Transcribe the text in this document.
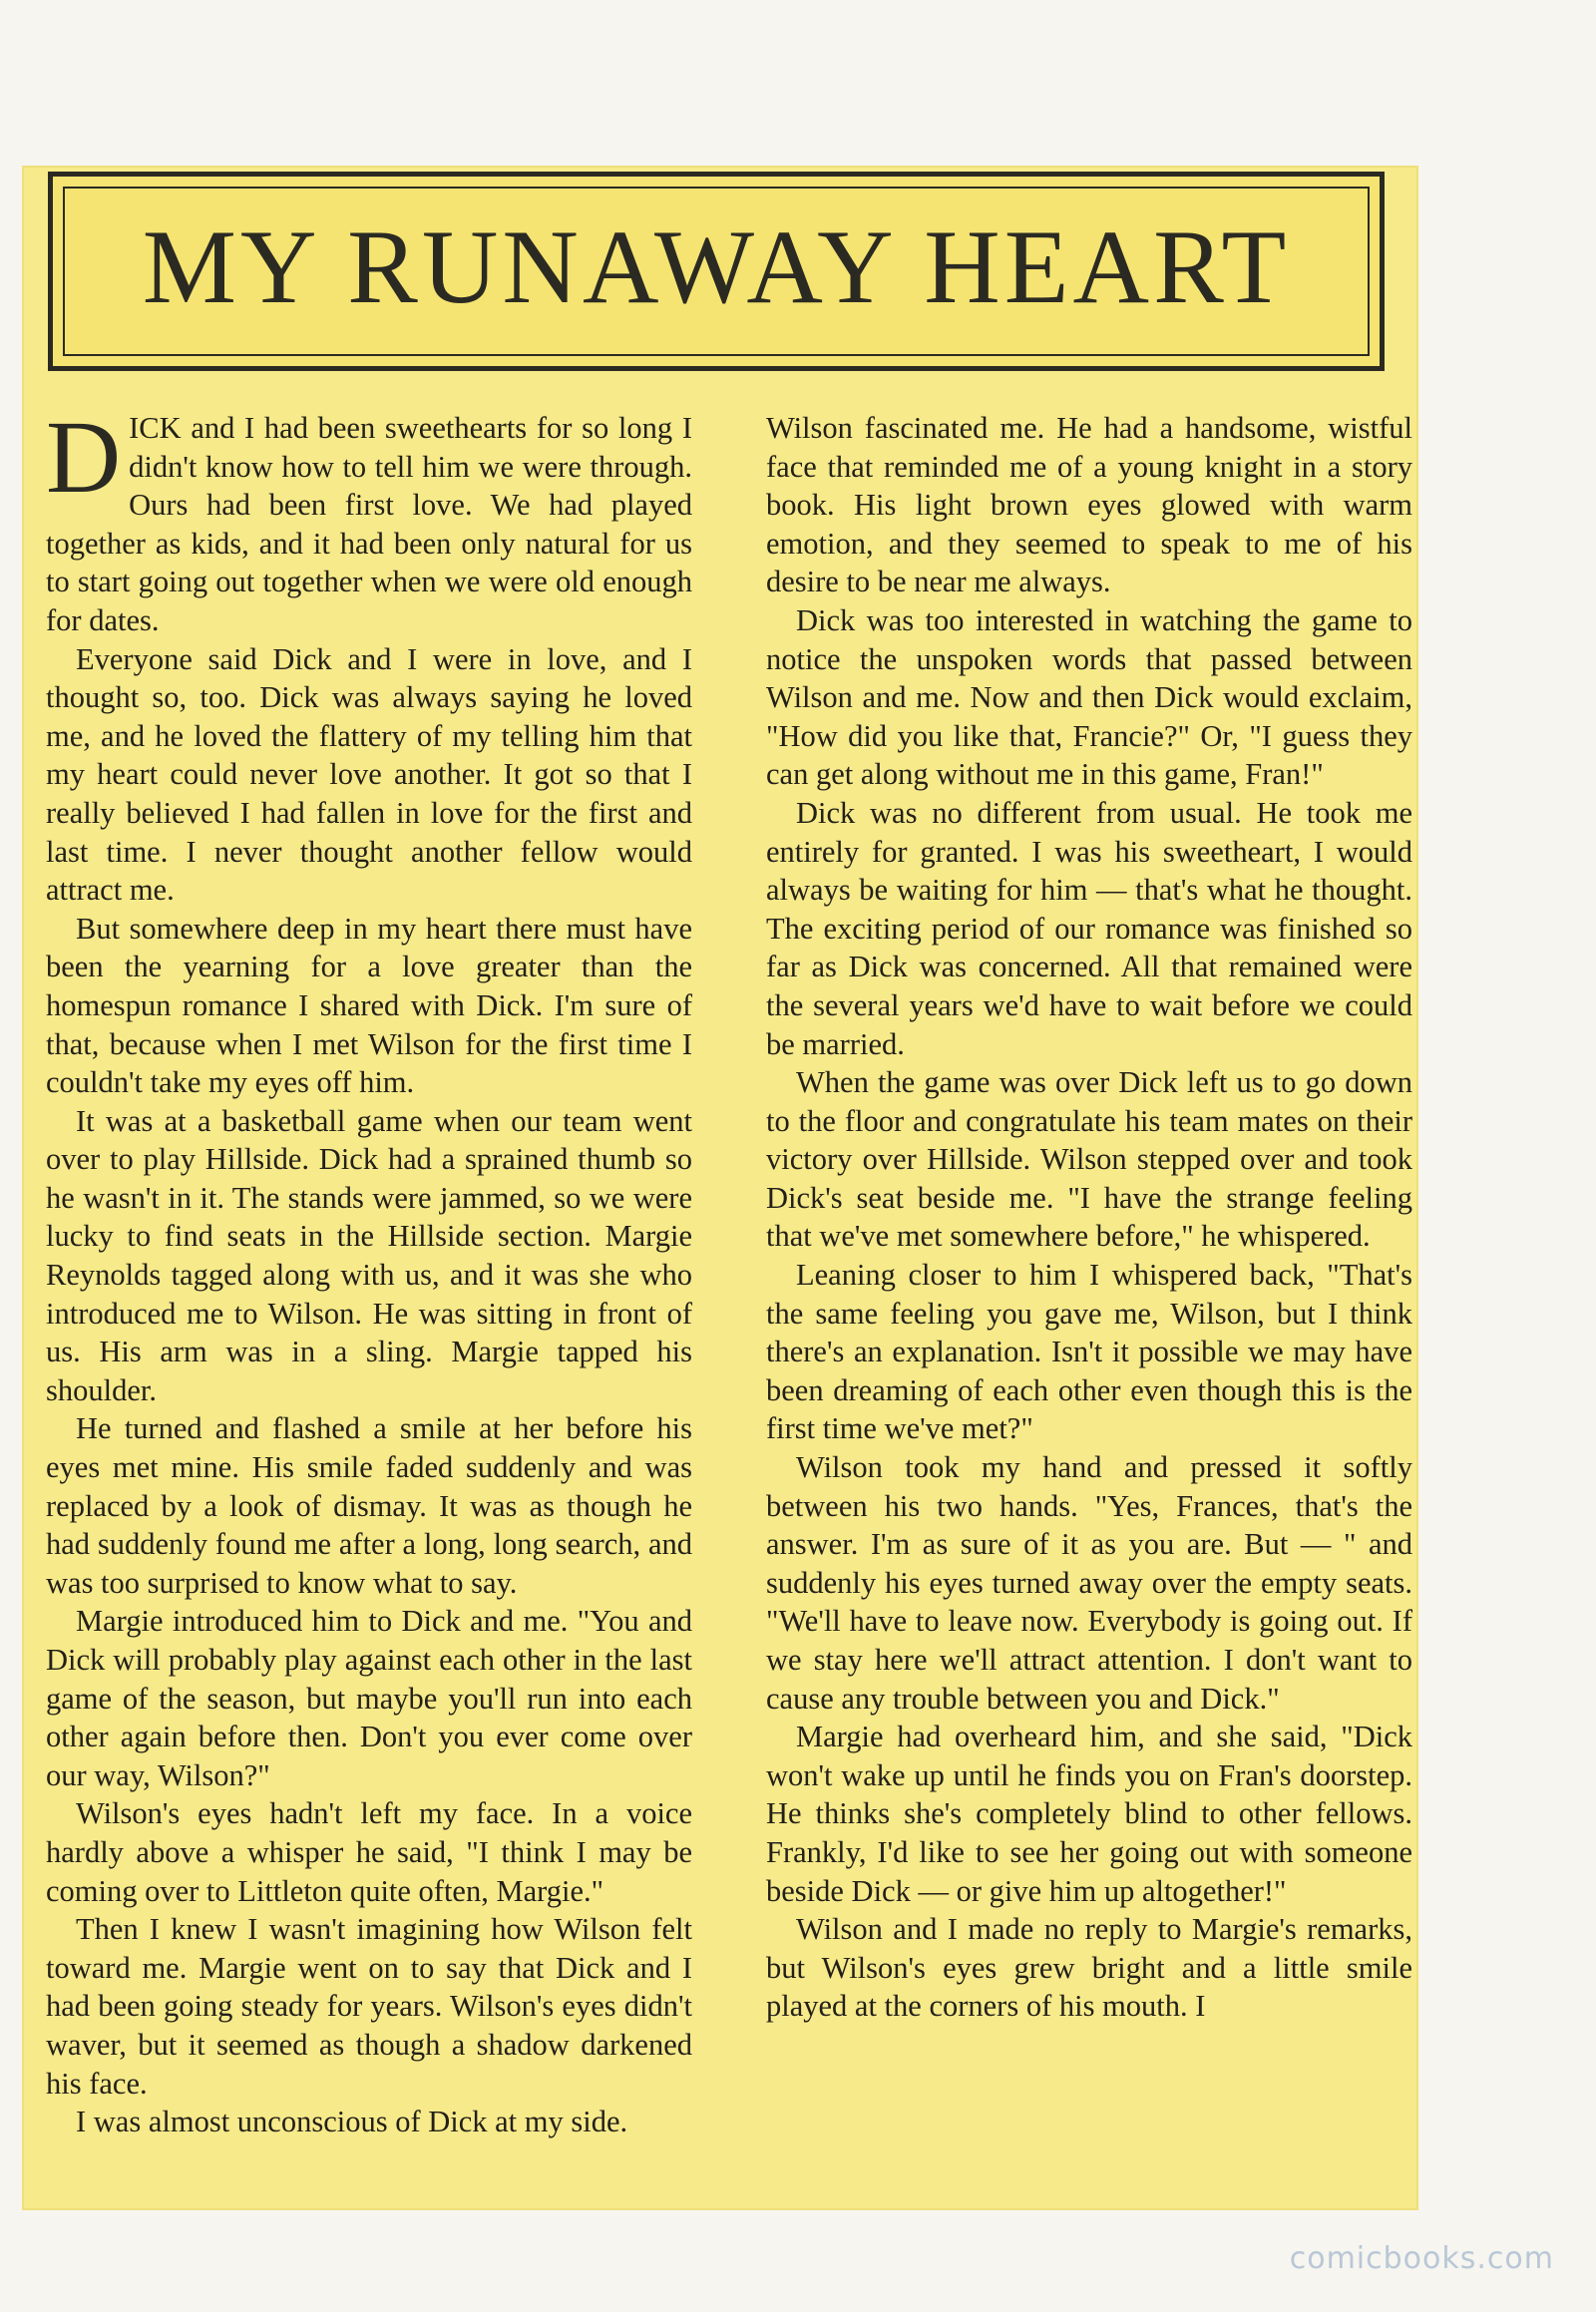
MY RUNAWAY HEART

DICK and I had been sweethearts for so long I didn't know how to tell him we were through. Ours had been first love. We had played together as kids, and it had been only natural for us to start going out together when we were old enough for dates.

Everyone said Dick and I were in love, and I thought so, too. Dick was always saying he loved me, and he loved the flattery of my telling him that my heart could never love another. It got so that I really believed I had fallen in love for the first and last time. I never thought another fellow would attract me.

But somewhere deep in my heart there must have been the yearning for a love greater than the homespun romance I shared with Dick. I'm sure of that, because when I met Wilson for the first time I couldn't take my eyes off him.

It was at a basketball game when our team went over to play Hillside. Dick had a sprained thumb so he wasn't in it. The stands were jammed, so we were lucky to find seats in the Hillside section. Margie Reynolds tagged along with us, and it was she who introduced me to Wilson. He was sitting in front of us. His arm was in a sling. Margie tapped his shoulder.

He turned and flashed a smile at her before his eyes met mine. His smile faded suddenly and was replaced by a look of dismay. It was as though he had suddenly found me after a long, long search, and was too surprised to know what to say.

Margie introduced him to Dick and me. "You and Dick will probably play against each other in the last game of the season, but maybe you'll run into each other again before then. Don't you ever come over our way, Wilson?"

Wilson's eyes hadn't left my face. In a voice hardly above a whisper he said, "I think I may be coming over to Littleton quite often, Margie."

Then I knew I wasn't imagining how Wilson felt toward me. Margie went on to say that Dick and I had been going steady for years. Wilson's eyes didn't waver, but it seemed as though a shadow darkened his face.

I was almost unconscious of Dick at my side.

Wilson fascinated me. He had a handsome, wistful face that reminded me of a young knight in a story book. His light brown eyes glowed with warm emotion, and they seemed to speak to me of his desire to be near me always.

Dick was too interested in watching the game to notice the unspoken words that passed between Wilson and me. Now and then Dick would exclaim, "How did you like that, Francie?" Or, "I guess they can get along without me in this game, Fran!"

Dick was no different from usual. He took me entirely for granted. I was his sweetheart, I would always be waiting for him — that's what he thought. The exciting period of our romance was finished so far as Dick was concerned. All that remained were the several years we'd have to wait before we could be married.

When the game was over Dick left us to go down to the floor and congratulate his team mates on their victory over Hillside. Wilson stepped over and took Dick's seat beside me. "I have the strange feeling that we've met somewhere before," he whispered.

Leaning closer to him I whispered back, "That's the same feeling you gave me, Wilson, but I think there's an explanation. Isn't it possible we may have been dreaming of each other even though this is the first time we've met?"

Wilson took my hand and pressed it softly between his two hands. "Yes, Frances, that's the answer. I'm as sure of it as you are. But — " and suddenly his eyes turned away over the empty seats. "We'll have to leave now. Everybody is going out. If we stay here we'll attract attention. I don't want to cause any trouble between you and Dick."

Margie had overheard him, and she said, "Dick won't wake up until he finds you on Fran's doorstep. He thinks she's completely blind to other fellows. Frankly, I'd like to see her going out with someone beside Dick — or give him up altogether!"

Wilson and I made no reply to Margie's remarks, but Wilson's eyes grew bright and a little smile played at the corners of his mouth. I

comicbooks.com
